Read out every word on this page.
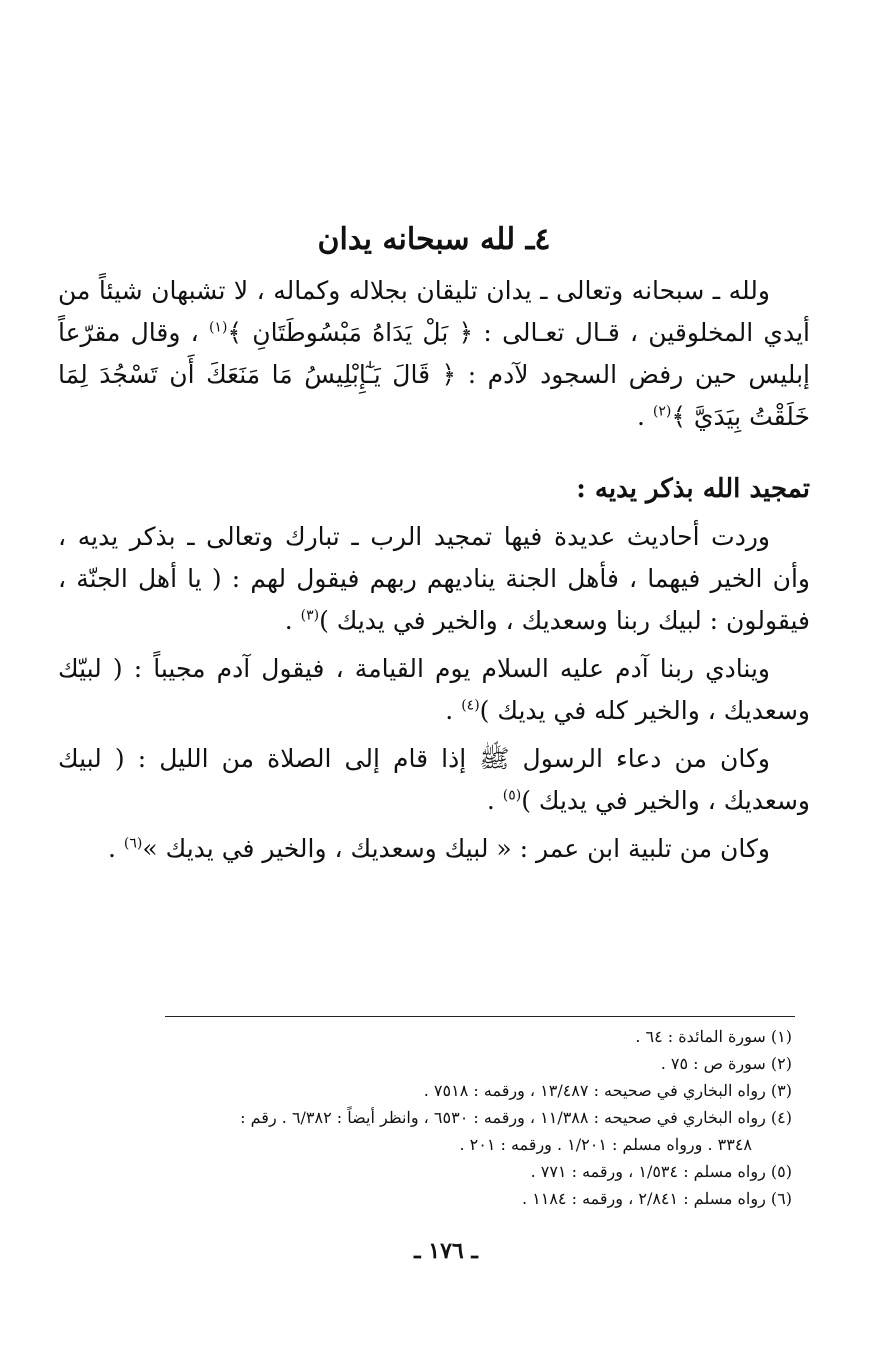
٤ـ لله سبحانه يدان

ولله ـ سبحانه وتعالى ـ يدان تليقان بجلاله وكماله ، لا تشبهان شيئاً من أيدي المخلوقين ، قـال تعـالى : ﴿ بَلْ يَدَاهُ مَبْسُوطَتَانِ ﴾$^{(١)}$ ، وقال مقرّعاً إبليس حين رفض السجود لآدم : ﴿ قَالَ يَـٰٓإِبْلِيسُ مَا مَنَعَكَ أَن تَسْجُدَ لِمَا خَلَقْتُ بِيَدَيَّ ﴾$^{(٢)}$ .

تمجيد الله بذكر يديه :

وردت أحاديث عديدة فيها تمجيد الرب ـ تبارك وتعالى ـ بذكر يديه ، وأن الخير فيهما ، فأهل الجنة يناديهم ربهم فيقول لهم : ( يا أهل الجنّة ، فيقولون : لبيك ربنا وسعديك ، والخير في يديك )$^{(٣)}$ .

وينادي ربنا آدم عليه السلام يوم القيامة ، فيقول آدم مجيباً : ( لبيّك وسعديك ، والخير كله في يديك )$^{(٤)}$ .

وكان من دعاء الرسول ﷺ إذا قام إلى الصلاة من الليل : ( لبيك وسعديك ، والخير في يديك )$^{(٥)}$ .

وكان من تلبية ابن عمر : « لبيك وسعديك ، والخير في يديك »$^{(٦)}$ .

(١) سورة المائدة : ٦٤ .

(٢) سورة ص : ٧٥ .

(٣) رواه البخاري في صحيحه : ١٣/٤٨٧ ، ورقمه : ٧٥١٨ .

(٤) رواه البخاري في صحيحه : ١١/٣٨٨ ، ورقمه : ٦٥٣٠ ، وانظر أيضاً : ٦/٣٨٢ . رقم :

٣٣٤٨ . ورواه مسلم : ١/٢٠١ . ورقمه : ٢٠١ .

(٥) رواه مسلم : ١/٥٣٤ ، ورقمه : ٧٧١ .

(٦) رواه مسلم : ٢/٨٤١ ، ورقمه : ١١٨٤ .

ـ ١٧٦ ـ
